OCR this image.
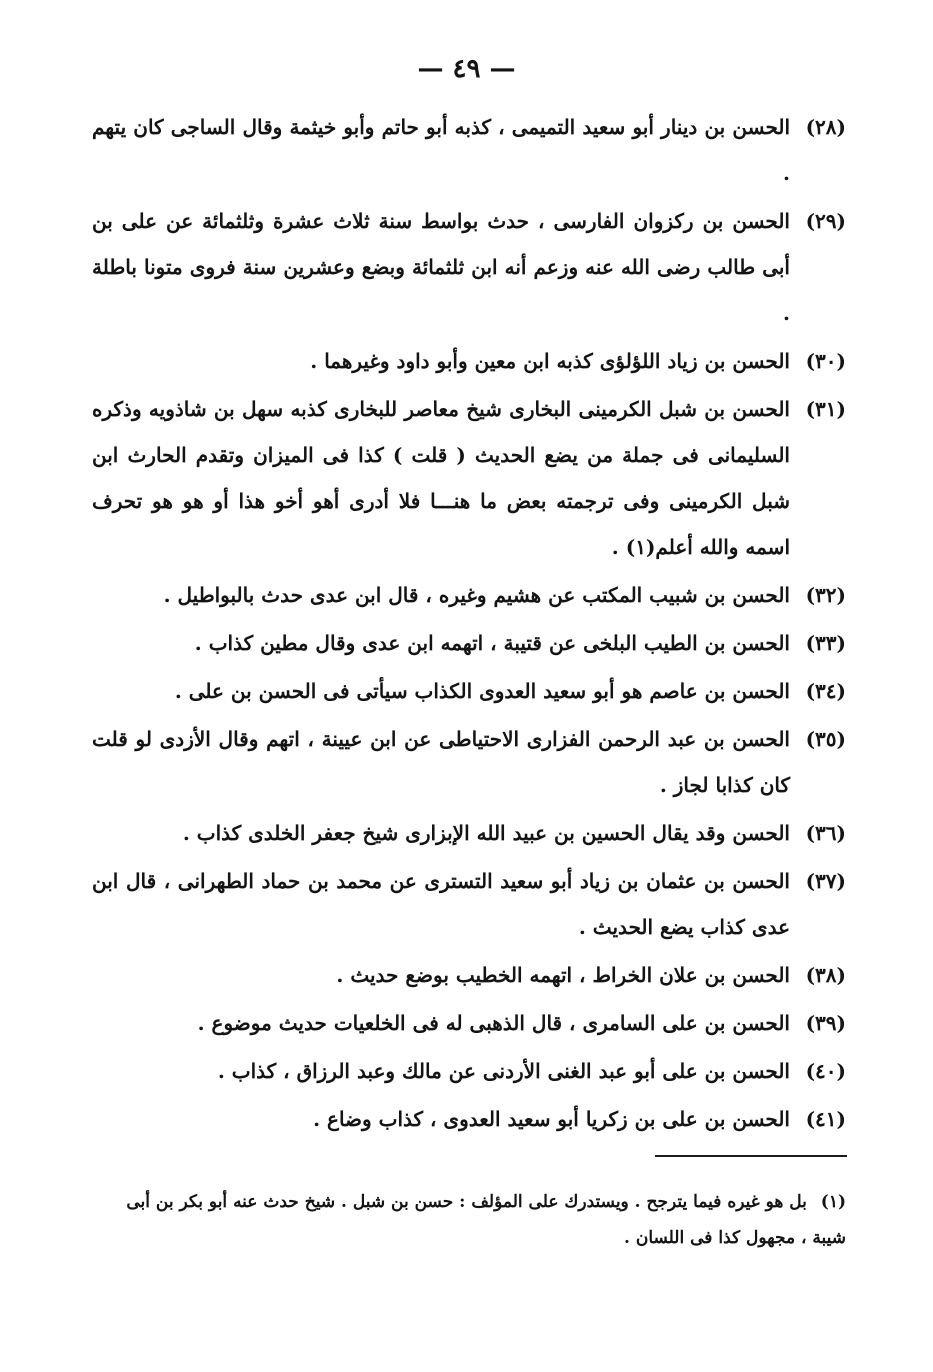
— ٤٩ —
(٢٨)
الحسن بن دينار أبو سعيد التميمى ، كذبه أبو حاتم وأبو خيثمة وقال الساجى كان يتهم .
(٢٩)
الحسن بن ركزوان الفارسى ، حدث بواسط سنة ثلاث عشرة وثلثمائة عن على بن أبى طالب رضى الله عنه وزعم أنه ابن ثلثمائة وبضع وعشرين سنة فروى متونا باطلة .
(٣٠)
الحسن بن زياد اللؤلؤى كذبه ابن معين وأبو داود وغيرهما .
(٣١)
الحسن بن شبل الكرمينى البخارى شيخ معاصر للبخارى كذبه سهل بن شاذويه وذكره السليمانى فى جملة من يضع الحديث ( قلت ) كذا فى الميزان وتقدم الحارث ابن شبل الكرمينى وفى ترجمته بعض ما هنـــا فلا أدرى أهو أخو هذا أو هو هو تحرف اسمه والله أعلم(١) .
(٣٢)
الحسن بن شبيب المكتب عن هشيم وغيره ، قال ابن عدى حدث بالبواطيل .
(٣٣)
الحسن بن الطيب البلخى عن قتيبة ، اتهمه ابن عدى وقال مطين كذاب .
(٣٤)
الحسن بن عاصم هو أبو سعيد العدوى الكذاب سيأتى فى الحسن بن على .
(٣٥)
الحسن بن عبد الرحمن الفزارى الاحتياطى عن ابن عيينة ، اتهم وقال الأزدى لو قلت كان كذابا لجاز .
(٣٦)
الحسن وقد يقال الحسين بن عبيد الله الإبزارى شيخ جعفر الخلدى كذاب .
(٣٧)
الحسن بن عثمان بن زياد أبو سعيد التسترى عن محمد بن حماد الطهرانى ، قال ابن عدى كذاب يضع الحديث .
(٣٨)
الحسن بن علان الخراط ، اتهمه الخطيب بوضع حديث .
(٣٩)
الحسن بن على السامرى ، قال الذهبى له فى الخلعيات حديث موضوع .
(٤٠)
الحسن بن على أبو عبد الغنى الأردنى عن مالك وعبد الرزاق ، كذاب .
(٤١)
الحسن بن على بن زكريا أبو سعيد العدوى ، كذاب وضاع .
(١) بل هو غيره فيما يترجح . ويستدرك على المؤلف : حسن بن شبل . شيخ حدث عنه أبو بكر بن أبى شيبة ، مجهول كذا فى اللسان .
